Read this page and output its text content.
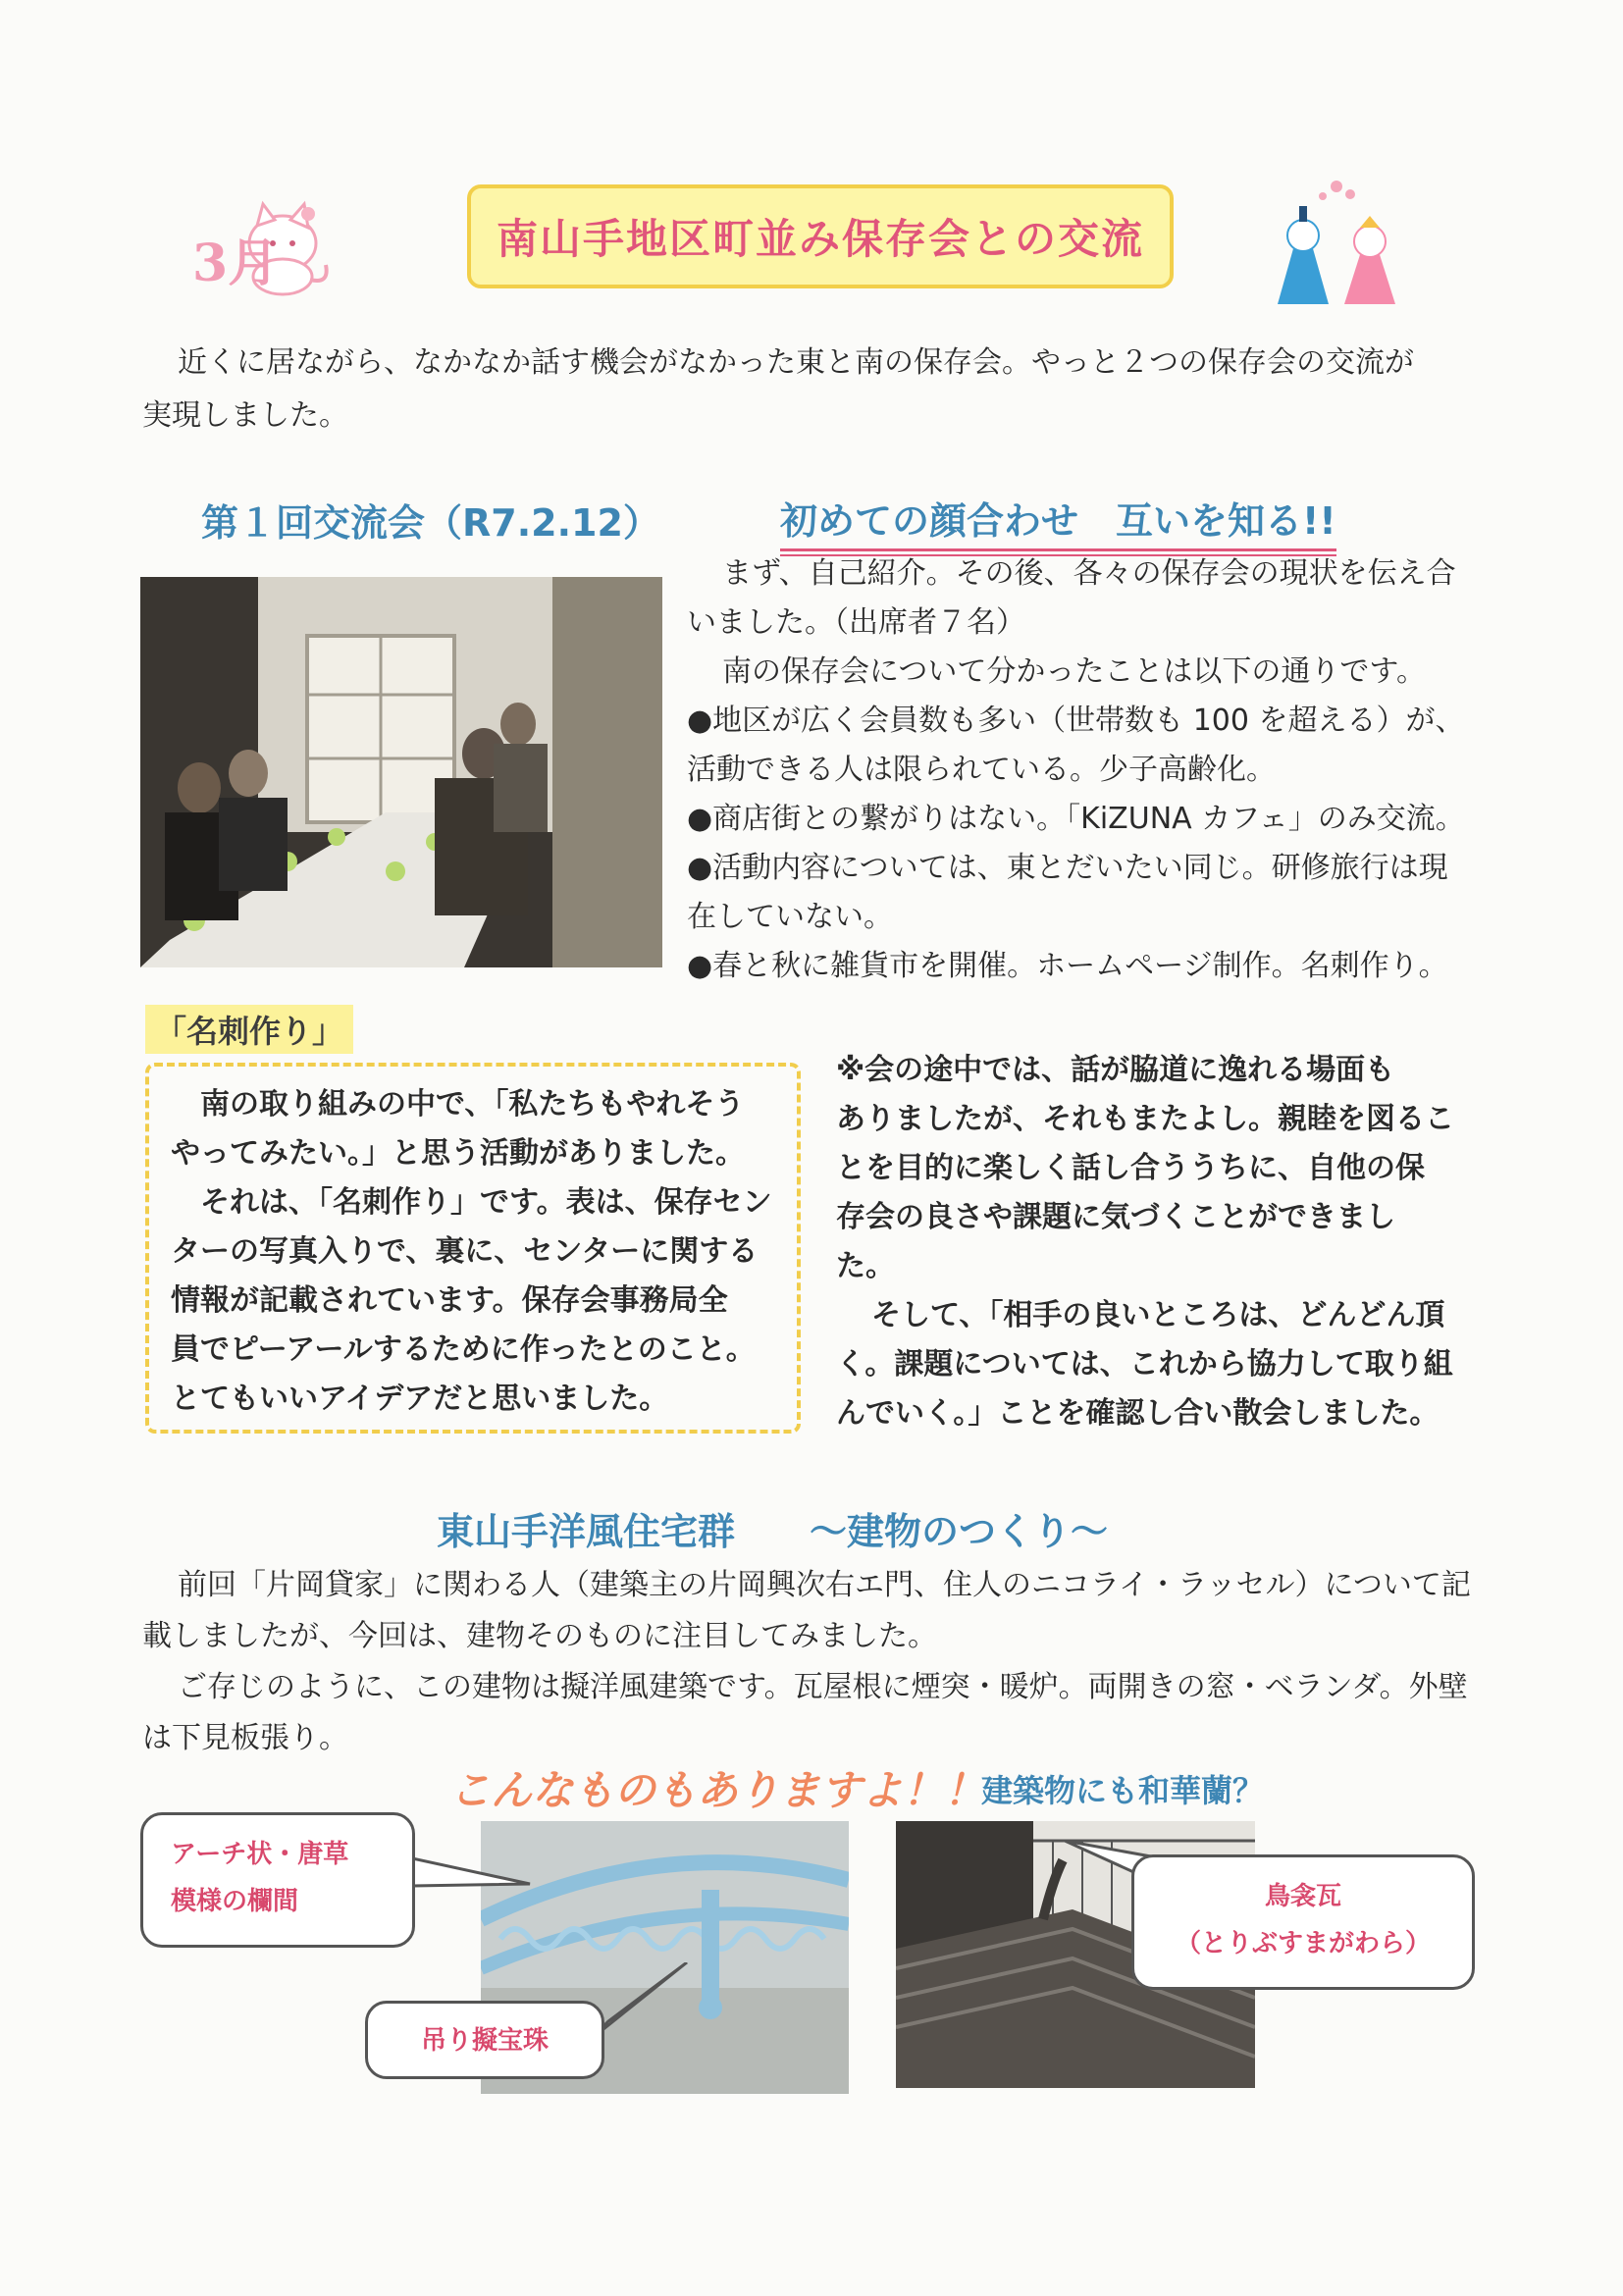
3月	南山手地区町並み保存会との交流
近くに居ながら、なかなか話す機会がなかった東と南の保存会。やっと２つの保存会の交流が
実現しました。
第１回交流会（R7.2.12）	初めての顔合わせ　互いを知る!!
まず、自己紹介。その後、各々の保存会の現状を伝え合
いました。（出席者７名）
南の保存会について分かったことは以下の通りです。
●地区が広く会員数も多い（世帯数も 100 を超える）が、
活動できる人は限られている。少子高齢化。
●商店街との繋がりはない。「KiZUNA カフェ」のみ交流。
●活動内容については、東とだいたい同じ。研修旅行は現
在していない。
●春と秋に雑貨市を開催。ホームページ制作。名刺作り。
「名刺作り」
南の取り組みの中で、「私たちもやれそう
やってみたい。」と思う活動がありました。
それは、「名刺作り」です。表は、保存セン
ターの写真入りで、裏に、センターに関する
情報が記載されています。保存会事務局全
員でピーアールするために作ったとのこと。
とてもいいアイデアだと思いました。
※会の途中では、話が脇道に逸れる場面も
ありましたが、それもまたよし。親睦を図るこ
とを目的に楽しく話し合ううちに、自他の保
存会の良さや課題に気づくことができまし
た。
そして、「相手の良いところは、どんどん頂
く。課題については、これから協力して取り組
んでいく。」ことを確認し合い散会しました。
東山手洋風住宅群　　～建物のつくり～
前回「片岡貸家」に関わる人（建築主の片岡興次右エ門、住人のニコライ・ラッセル）について記
載しましたが、今回は、建物そのものに注目してみました。
ご存じのように、この建物は擬洋風建築です。瓦屋根に煙突・暖炉。両開きの窓・ベランダ。外壁
は下見板張り。
こんなものもありますよ！！
建築物にも和華蘭？
アーチ状・唐草
模様の欄間
吊り擬宝珠
鳥衾瓦
（とりぶすまがわら）
